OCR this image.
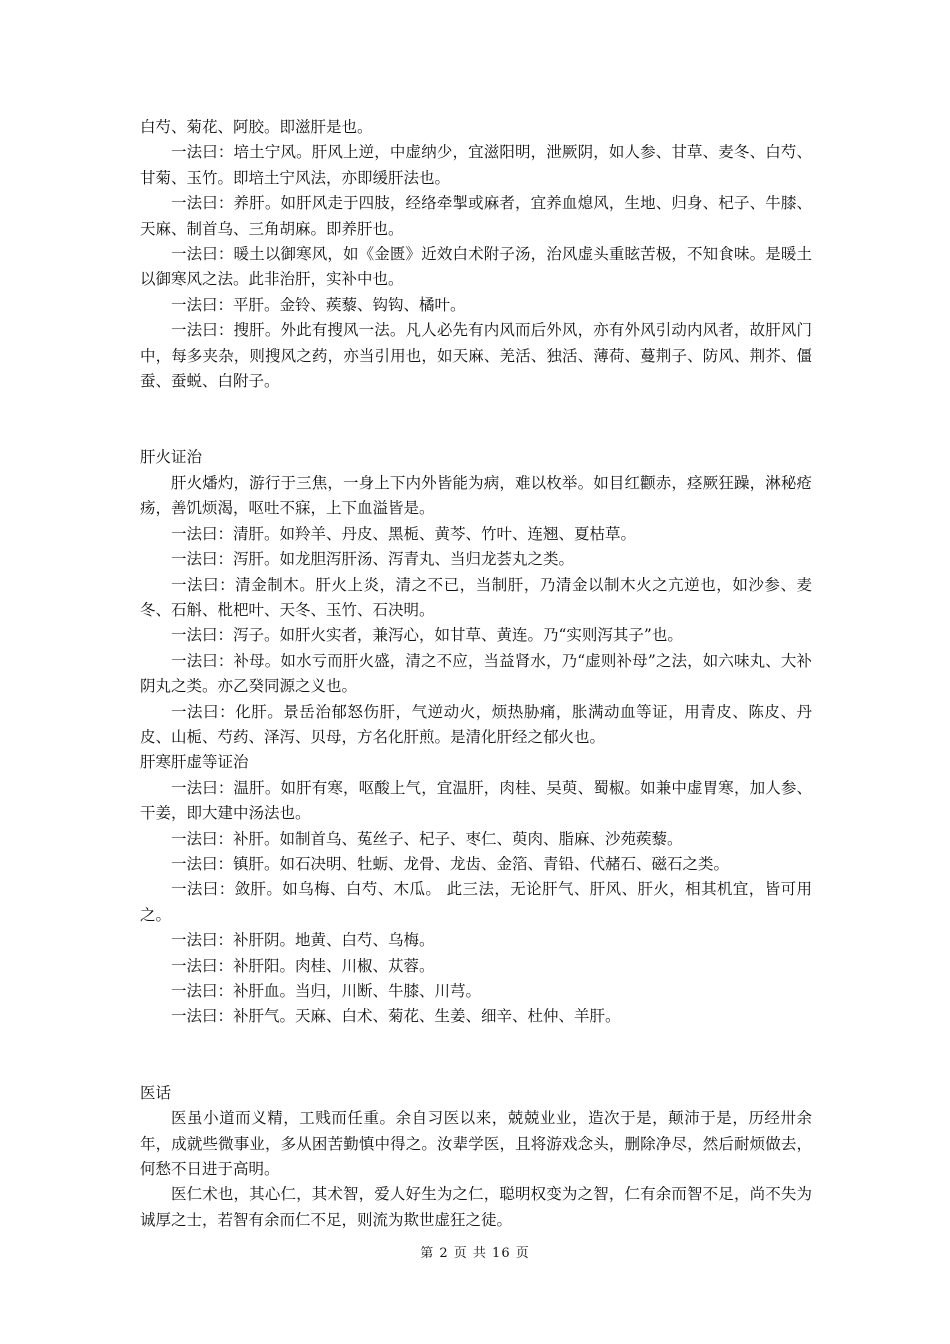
白芍、菊花、阿胶。即滋肝是也。

一法曰：培土宁风。肝风上逆，中虚纳少，宜滋阳明，泄厥阴，如人参、甘草、麦冬、白芍、甘菊、玉竹。即培土宁风法，亦即缓肝法也。

一法曰：养肝。如肝风走于四肢，经络牵掣或麻者，宜养血熄风，生地、归身、杞子、牛膝、天麻、制首乌、三角胡麻。即养肝也。

一法曰：暖土以御寒风，如《金匮》近效白术附子汤，治风虚头重眩苦极，不知食味。是暖土以御寒风之法。此非治肝，实补中也。

一法曰：平肝。金铃、蒺藜、钩钩、橘叶。

一法曰：搜肝。外此有搜风一法。凡人必先有内风而后外风，亦有外风引动内风者，故肝风门中，每多夹杂，则搜风之药，亦当引用也，如天麻、羌活、独活、薄荷、蔓荆子、防风、荆芥、僵蚕、蚕蜕、白附子。

肝火证治

肝火燔灼，游行于三焦，一身上下内外皆能为病，难以枚举。如目红颧赤，痉厥狂躁，淋秘疮疡，善饥烦渴，呕吐不寐，上下血溢皆是。

一法曰：清肝。如羚羊、丹皮、黑栀、黄芩、竹叶、连翘、夏枯草。

一法曰：泻肝。如龙胆泻肝汤、泻青丸、当归龙荟丸之类。

一法曰：清金制木。肝火上炎，清之不已，当制肝，乃清金以制木火之亢逆也，如沙参、麦冬、石斛、枇杷叶、天冬、玉竹、石决明。

一法曰：泻子。如肝火实者，兼泻心，如甘草、黄连。乃“实则泻其子”也。

一法曰：补母。如水亏而肝火盛，清之不应，当益肾水，乃“虚则补母”之法，如六味丸、大补阴丸之类。亦乙癸同源之义也。

一法曰：化肝。景岳治郁怒伤肝，气逆动火，烦热胁痛，胀满动血等证，用青皮、陈皮、丹皮、山栀、芍药、泽泻、贝母，方名化肝煎。是清化肝经之郁火也。

肝寒肝虚等证治

一法曰：温肝。如肝有寒，呕酸上气，宜温肝，肉桂、吴萸、蜀椒。如兼中虚胃寒，加人参、干姜，即大建中汤法也。

一法曰：补肝。如制首乌、菟丝子、杞子、枣仁、萸肉、脂麻、沙苑蒺藜。

一法曰：镇肝。如石决明、牡蛎、龙骨、龙齿、金箔、青铅、代赭石、磁石之类。

一法曰：敛肝。如乌梅、白芍、木瓜。 此三法，无论肝气、肝风、肝火，相其机宜，皆可用之。

一法曰：补肝阴。地黄、白芍、乌梅。

一法曰：补肝阳。肉桂、川椒、苁蓉。

一法曰：补肝血。当归，川断、牛膝、川芎。

一法曰：补肝气。天麻、白术、菊花、生姜、细辛、杜仲、羊肝。

医话

医虽小道而义精，工贱而任重。余自习医以来，兢兢业业，造次于是，颠沛于是，历经卅余年，成就些微事业，多从困苦勤慎中得之。汝辈学医，且将游戏念头，删除净尽，然后耐烦做去，何愁不日进于高明。

医仁术也，其心仁，其术智，爱人好生为之仁，聪明权变为之智，仁有余而智不足，尚不失为诚厚之士，若智有余而仁不足，则流为欺世虚狂之徒。

第 2 页 共 16 页
